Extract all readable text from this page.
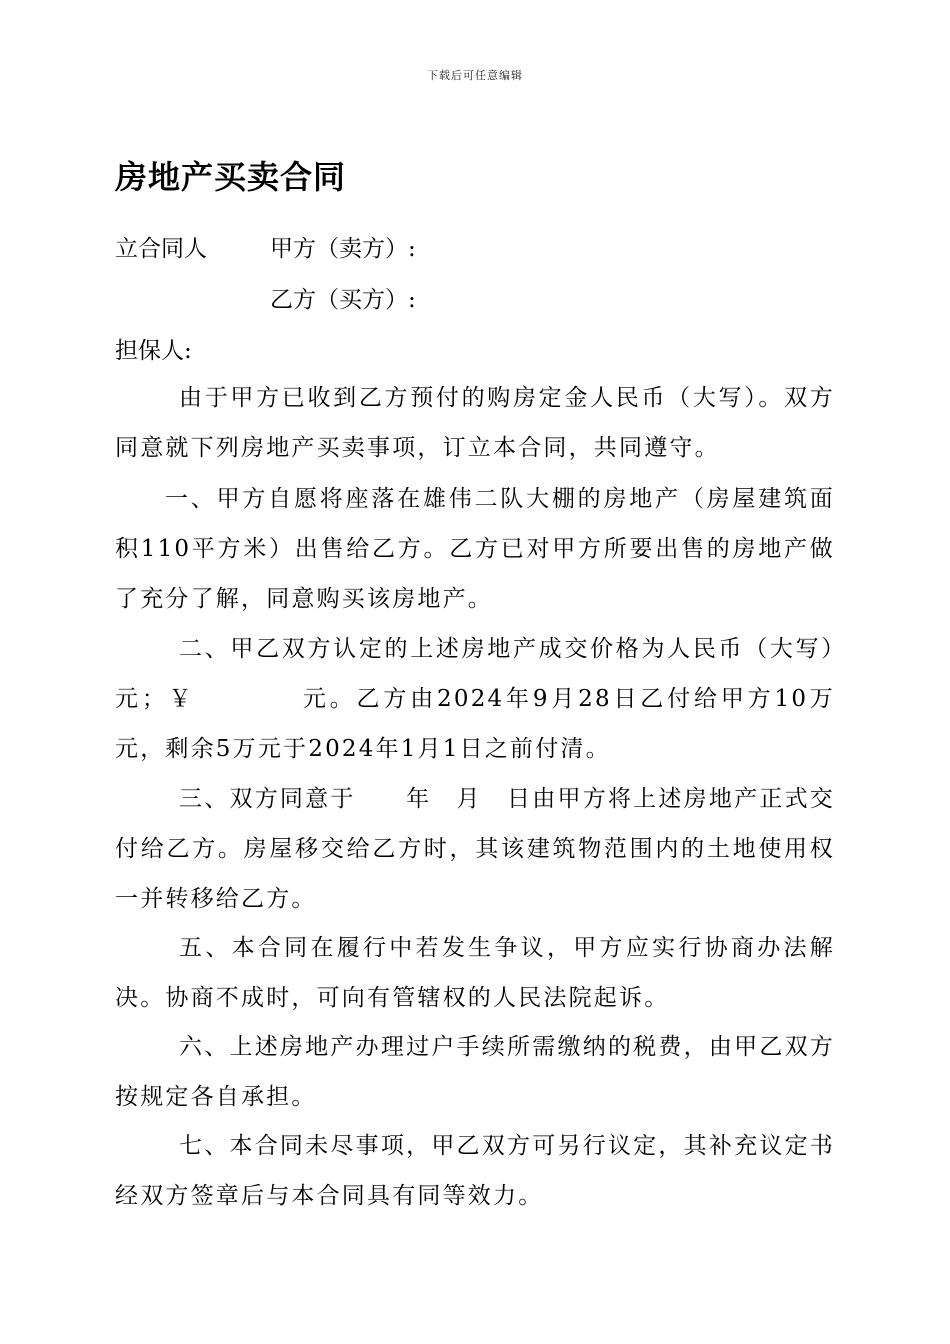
下载后可任意编辑
房地产买卖合同
立合同人	甲方（卖方）:
乙方（买方）:
担保人:
由于甲方已收到乙方预付的购房定金人民币（大写）。双方同意就下列房地产买卖事项，订立本合同，共同遵守。
一、甲方自愿将座落在雄伟二队大棚的房地产（房屋建筑面积110平方米）出售给乙方。乙方已对甲方所要出售的房地产做了充分了解，同意购买该房地产。
二、甲乙双方认定的上述房地产成交价格为人民币（大写）　　元；￥　　　　元。乙方由2024年9月28日乙付给甲方10万元，剩余5万元于2024年1月1日之前付清。
三、双方同意于　　年　月　日由甲方将上述房地产正式交付给乙方。房屋移交给乙方时，其该建筑物范围内的土地使用权一并转移给乙方。
五、本合同在履行中若发生争议，甲方应实行协商办法解决。协商不成时，可向有管辖权的人民法院起诉。
六、上述房地产办理过户手续所需缴纳的税费，由甲乙双方按规定各自承担。
七、本合同未尽事项，甲乙双方可另行议定，其补充议定书经双方签章后与本合同具有同等效力。
